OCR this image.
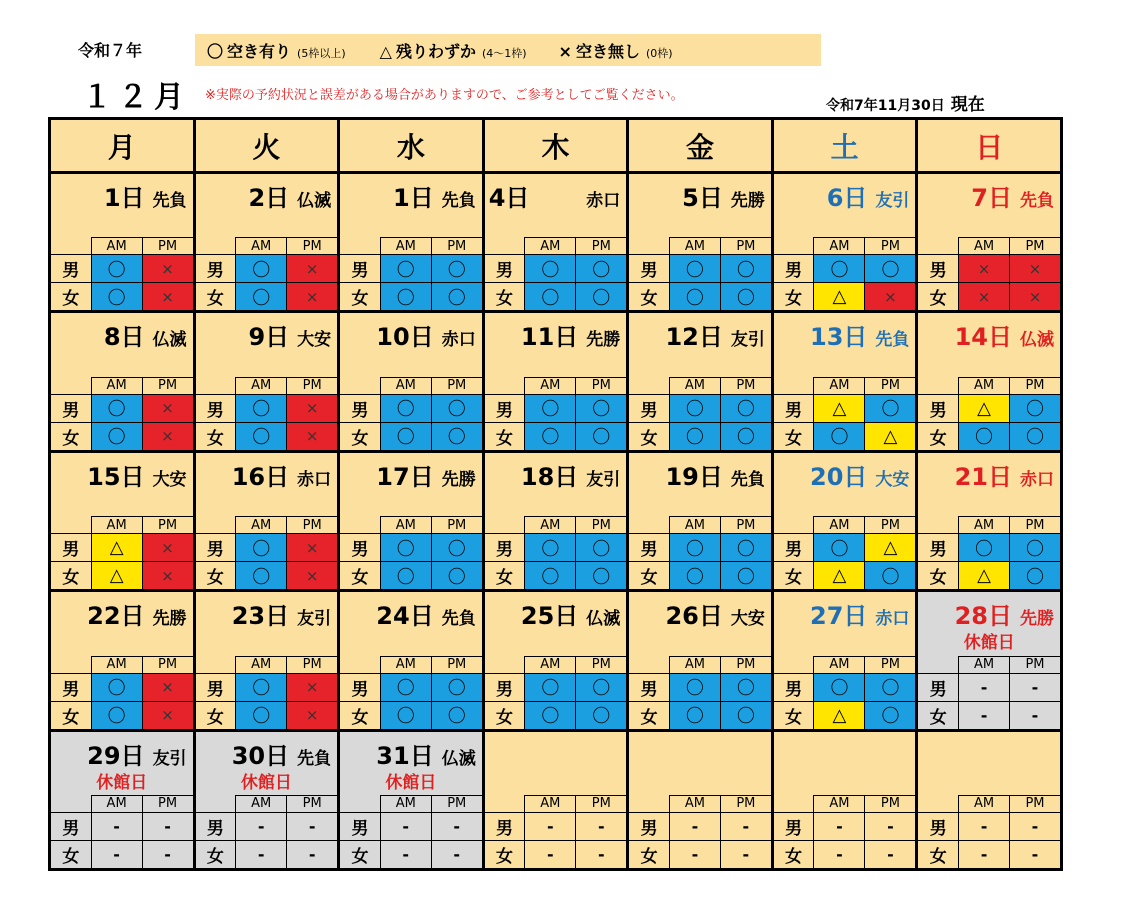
令和７年	〇 空き有り (5枠以上) △ 残りわずか (4～1枠) × 空き無し (0枠)
１２月 ※実際の予約状況と誤差がある場合がありますので、ご参考としてご覧ください。
令和7年11月30日 現在
月	火	水	木	金	土	日
1日 先負
AM	PM
男	〇	×
女	〇	×
2日 仏滅
AM	PM
男	〇	×
女	〇	×
1日 先負
AM	PM
男	〇	〇
女	〇	〇
4日	赤口
AM	PM
男	〇	〇
女	〇	〇
5日 先勝
AM	PM
男	〇	〇
女	〇	〇
6日 友引
AM	PM
男	〇	〇
女	△	×
7日 先負
AM	PM
男	×	×
女	×	×
8日 仏滅
AM	PM
男	〇	×
女	〇	×
9日 大安
AM	PM
男	〇	×
女	〇	×
10日 赤口
AM	PM
男	〇	〇
女	〇	〇
11日 先勝
AM	PM
男	〇	〇
女	〇	〇
12日 友引
AM	PM
男	〇	〇
女	〇	〇
13日 先負
AM	PM
男	△	〇
女	〇	△
14日 仏滅
AM	PM
男	△	〇
女	〇	〇
15日 大安
AM	PM
男	△	×
女	△	×
16日 赤口
AM	PM
男	〇	×
女	〇	×
17日 先勝
AM	PM
男	〇	〇
女	〇	〇
18日 友引
AM	PM
男	〇	〇
女	〇	〇
19日 先負
AM	PM
男	〇	〇
女	〇	〇
20日 大安
AM	PM
男	〇	△
女	△	〇
21日 赤口
AM	PM
男	〇	〇
女	△	〇
22日 先勝
AM	PM
男	〇	×
女	〇	×
23日 友引
AM	PM
男	〇	×
女	〇	×
24日 先負
AM	PM
男	〇	〇
女	〇	〇
25日 仏滅
AM	PM
男	〇	〇
女	〇	〇
26日 大安
AM	PM
男	〇	〇
女	〇	〇
27日 赤口
AM	PM
男	〇	〇
女	△	〇
28日 先勝
休館日
AM	PM
男	-	-
女	-	-
29日 友引
休館日
AM	PM
男	-	-
女	-	-
30日 先負
休館日
AM	PM
男	-	-
女	-	-
31日 仏滅
休館日
AM	PM
男	-	-
女	-	-
AM	PM
男	-	-
女	-	-
AM	PM
男	-	-
女	-	-
AM	PM
男	-	-
女	-	-
AM	PM
男	-	-
女	-	-
